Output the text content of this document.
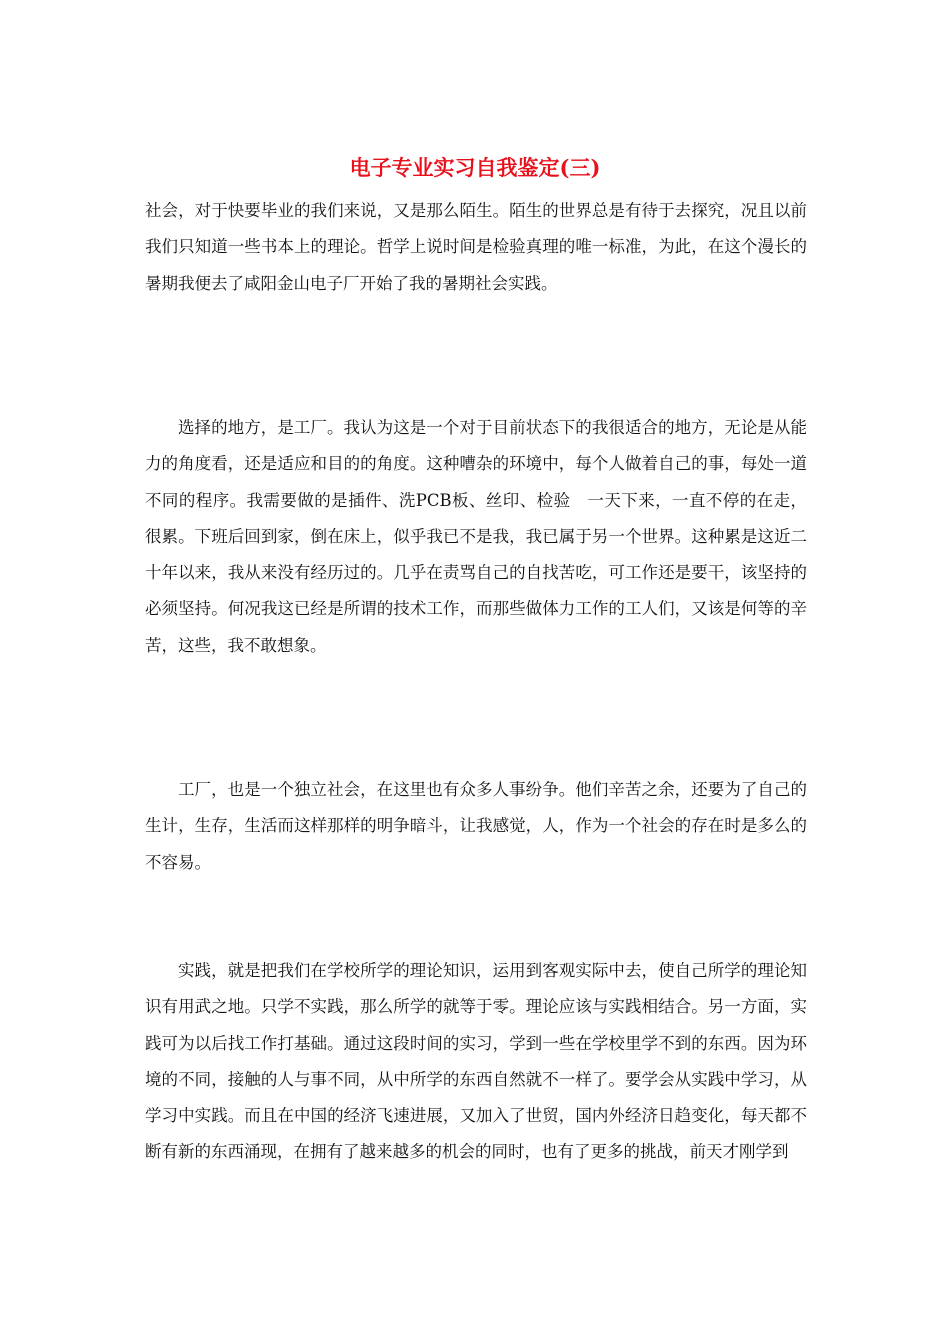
电子专业实习自我鉴定(三)

社会，对于快要毕业的我们来说，又是那么陌生。陌生的世界总是有待于去探究，况且以前我们只知道一些书本上的理论。哲学上说时间是检验真理的唯一标准，为此，在这个漫长的暑期我便去了咸阳金山电子厂开始了我的暑期社会实践。

选择的地方，是工厂。我认为这是一个对于目前状态下的我很适合的地方，无论是从能力的角度看，还是适应和目的的角度。这种嘈杂的环境中，每个人做着自己的事，每处一道不同的程序。我需要做的是插件、洗PCB板、丝印、检验　一天下来，一直不停的在走，很累。下班后回到家，倒在床上，似乎我已不是我，我已属于另一个世界。这种累是这近二十年以来，我从来没有经历过的。几乎在责骂自己的自找苦吃，可工作还是要干，该坚持的必须坚持。何况我这已经是所谓的技术工作，而那些做体力工作的工人们，又该是何等的辛苦，这些，我不敢想象。

工厂，也是一个独立社会，在这里也有众多人事纷争。他们辛苦之余，还要为了自己的生计，生存，生活而这样那样的明争暗斗，让我感觉，人，作为一个社会的存在时是多么的不容易。

实践，就是把我们在学校所学的理论知识，运用到客观实际中去，使自己所学的理论知识有用武之地。只学不实践，那么所学的就等于零。理论应该与实践相结合。另一方面，实践可为以后找工作打基础。通过这段时间的实习，学到一些在学校里学不到的东西。因为环境的不同，接触的人与事不同，从中所学的东西自然就不一样了。要学会从实践中学习，从学习中实践。而且在中国的经济飞速进展，又加入了世贸，国内外经济日趋变化，每天都不断有新的东西涌现，在拥有了越来越多的机会的同时，也有了更多的挑战，前天才刚学到
